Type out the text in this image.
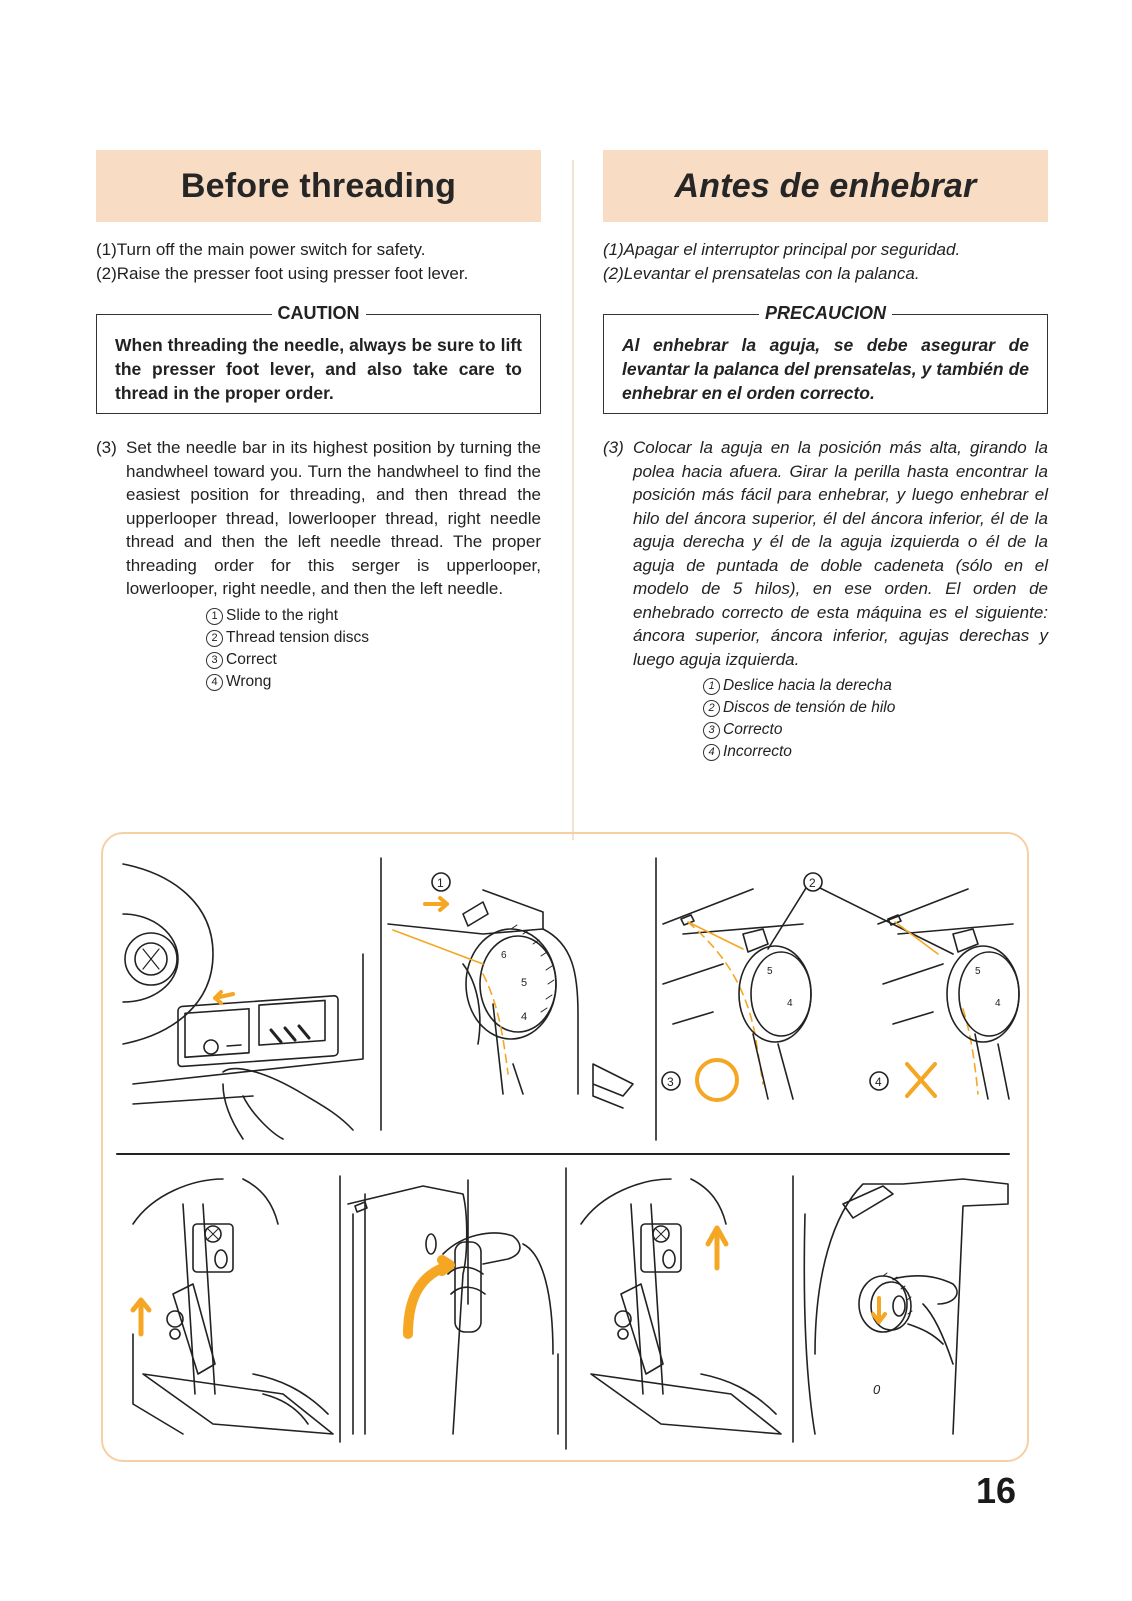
Before threading

(1)Turn off the main power switch for safety.

(2)Raise the presser foot using presser foot lever.

CAUTION
When threading the needle, always be sure to lift the presser foot lever, and also take care to thread in the proper order.
(3) Set the needle bar in its highest position by turning the handwheel toward you. Turn the handwheel to find the easiest position for threading, and then thread the upperlooper thread, lowerlooper thread, right needle thread and then the left needle thread. The proper threading order for this serger is upperlooper, lowerlooper, right needle, and then the left needle.
1 Slide to the right
2 Thread tension discs
3 Correct
4 Wrong
Antes de enhebrar

(1)Apagar el interruptor principal por seguridad.

(2)Levantar el prensatelas con la palanca.

PRECAUCION
Al enhebrar la aguja, se debe asegurar de levantar la palanca del prensatelas, y también de enhebrar en el orden correcto.
(3) Colocar la aguja en la posición más alta, girando la polea hacia afuera. Girar la perilla hasta encontrar la posición más fácil para enhebrar, y luego enhebrar el hilo del áncora superior, él del áncora inferior, él de la aguja derecha y él de la aguja izquierda o él de la aguja de puntada de doble cadeneta (sólo en el modelo de 5 hilos), en ese orden. El orden de enhebrado correcto de esta máquina es el siguiente: áncora superior, áncora inferior, agujas derechas y luego aguja izquierda.
1 Deslice hacia la derecha
2 Discos de tensión de hilo
3 Correcto
4 Incorrecto
1
6
5
4
2
5
4
3
5
4
4
0
16
